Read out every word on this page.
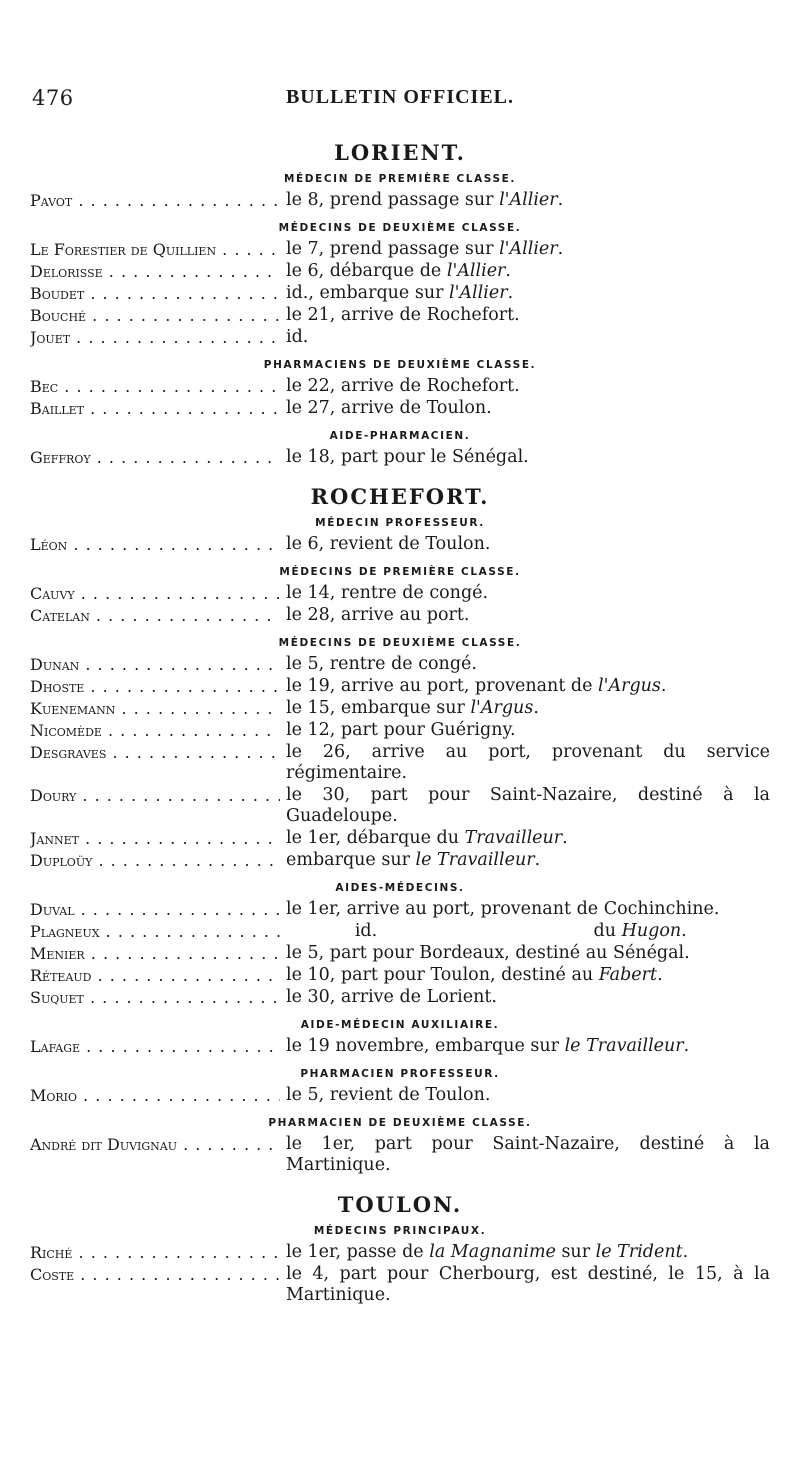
476	BULLETIN OFFICIEL.
LORIENT.
MÉDECIN DE PREMIÈRE CLASSE.
Pavot . . .	le 8, prend passage sur l'Allier.
MÉDECINS DE DEUXIÈME CLASSE.
Le Forestier de Quillien . . .	le 7, prend passage sur l'Allier.
Delorisse . . .	le 6, débarque de l'Allier.
Boudet . . .	id., embarque sur l'Allier.
Bouché . . .	le 21, arrive de Rochefort.
Jouet . . .	id.
PHARMACIENS DE DEUXIÈME CLASSE.
Bec . . .	le 22, arrive de Rochefort.
Baillet . . .	le 27, arrive de Toulon.
AIDE-PHARMACIEN.
Geffroy . . .	le 18, part pour le Sénégal.
ROCHEFORT.
MÉDECIN PROFESSEUR.
Léon . . .	le 6, revient de Toulon.
MÉDECINS DE PREMIÈRE CLASSE.
Cauvy . . .	le 14, rentre de congé.
Catelan . . .	le 28, arrive au port.
MÉDECINS DE DEUXIÈME CLASSE.
Dunan . . .	le 5, rentre de congé.
Dhoste . . .	le 19, arrive au port, provenant de l'Argus.
Kuenemann . . .	le 15, embarque sur l'Argus.
Nicomède . . .	le 12, part pour Guérigny.
Desgraves . . .	le 26, arrive au port, provenant du service régimentaire.
Doury . . .	le 30, part pour Saint-Nazaire, destiné à la Guadeloupe.
Jannet . . .	le 1er, débarque du Travailleur.
Duploüy . . .	embarque sur le Travailleur.
AIDES-MÉDECINS.
Duval . . .	le 1er, arrive au port, provenant de Cochinchine.
Plagneux . . .	id.	du Hugon.
Menier . . .	le 5, part pour Bordeaux, destiné au Sénégal.
Réteaud . . .	le 10, part pour Toulon, destiné au Fabert.
Suquet . . .	le 30, arrive de Lorient.
AIDE-MÉDECIN AUXILIAIRE.
Lafage . . .	le 19 novembre, embarque sur le Travailleur.
PHARMACIEN PROFESSEUR.
Morio . . .	le 5, revient de Toulon.
PHARMACIEN DE DEUXIÈME CLASSE.
André dit Duvignau . . .	le 1er, part pour Saint-Nazaire, destiné à la Martinique.
TOULON.
MÉDECINS PRINCIPAUX.
Riché . . .	le 1er, passe de la Magnanime sur le Trident.
Coste . . .	le 4, part pour Cherbourg, est destiné, le 15, à la Martinique.
